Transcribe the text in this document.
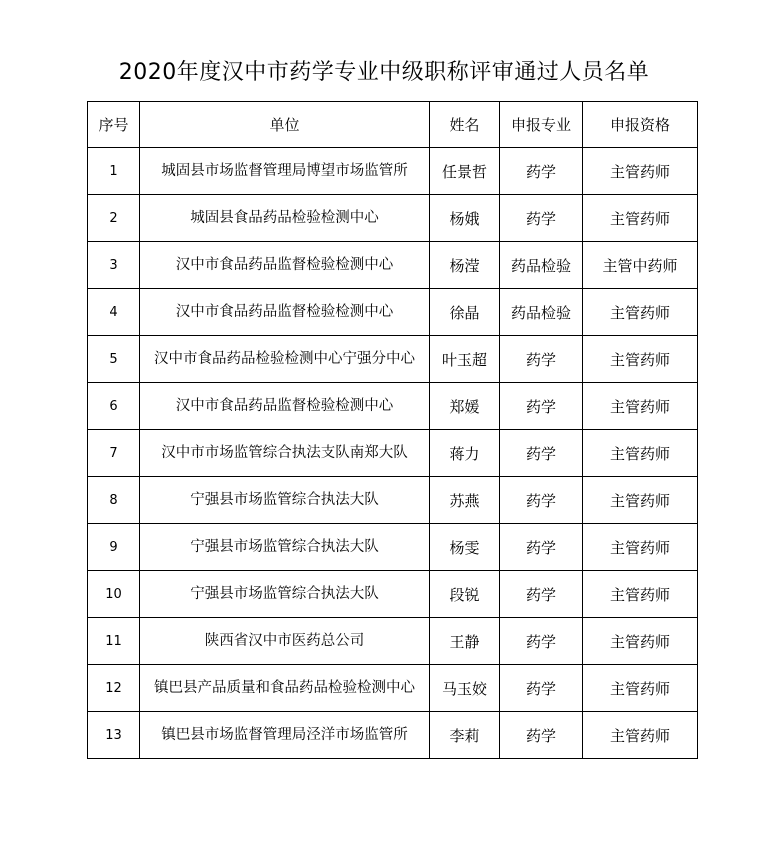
2020年度汉中市药学专业中级职称评审通过人员名单
序号	单位	姓名	申报专业	申报资格
1	城固县市场监督管理局博望市场监管所	任景哲	药学	主管药师
2	城固县食品药品检验检测中心	杨娥	药学	主管药师
3	汉中市食品药品监督检验检测中心	杨滢	药品检验	主管中药师
4	汉中市食品药品监督检验检测中心	徐晶	药品检验	主管药师
5	汉中市食品药品检验检测中心宁强分中心	叶玉超	药学	主管药师
6	汉中市食品药品监督检验检测中心	郑媛	药学	主管药师
7	汉中市市场监管综合执法支队南郑大队	蒋力	药学	主管药师
8	宁强县市场监管综合执法大队	苏燕	药学	主管药师
9	宁强县市场监管综合执法大队	杨雯	药学	主管药师
10	宁强县市场监管综合执法大队	段锐	药学	主管药师
11	陕西省汉中市医药总公司	王静	药学	主管药师
12	镇巴县产品质量和食品药品检验检测中心	马玉姣	药学	主管药师
13	镇巴县市场监督管理局泾洋市场监管所	李莉	药学	主管药师
